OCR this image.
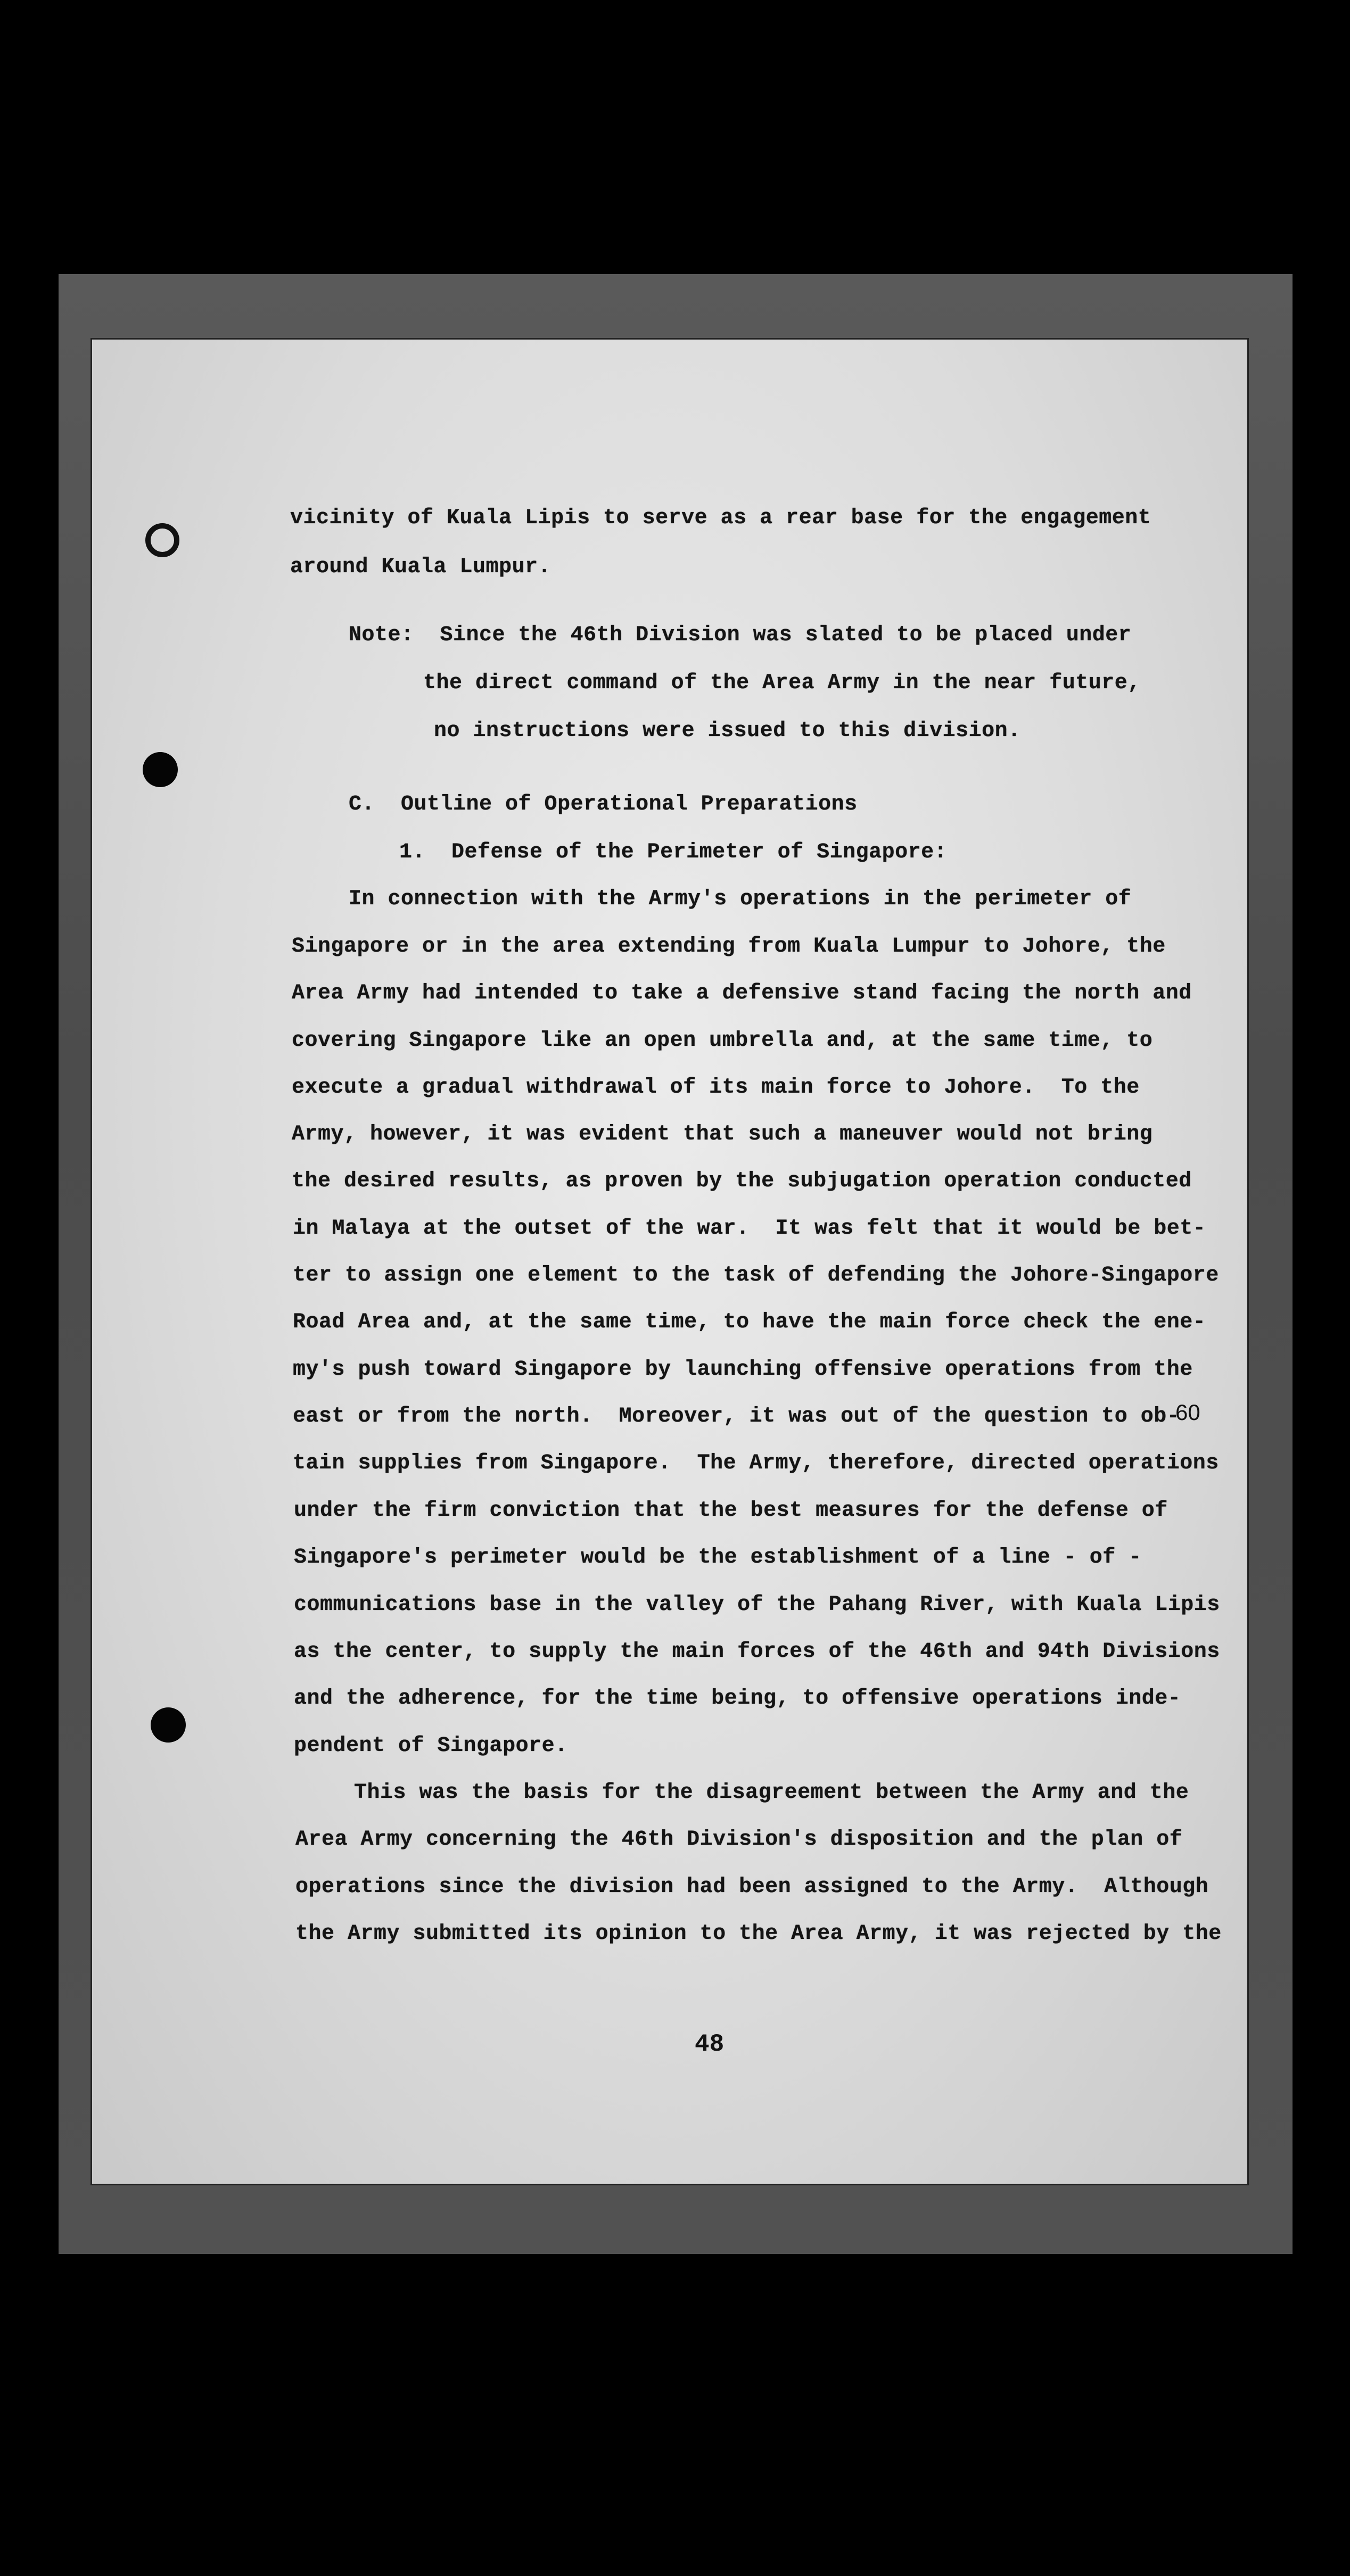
vicinity of Kuala Lipis to serve as a rear base for the engagement
around Kuala Lumpur.
Note:  Since the 46th Division was slated to be placed under
the direct command of the Area Army in the near future,
no instructions were issued to this division.
C.  Outline of Operational Preparations
1.  Defense of the Perimeter of Singapore:
In connection with the Army's operations in the perimeter of
Singapore or in the area extending from Kuala Lumpur to Johore, the
Area Army had intended to take a defensive stand facing the north and
covering Singapore like an open umbrella and, at the same time, to
execute a gradual withdrawal of its main force to Johore.  To the
Army, however, it was evident that such a maneuver would not bring
the desired results, as proven by the subjugation operation conducted
in Malaya at the outset of the war.  It was felt that it would be bet-
ter to assign one element to the task of defending the Johore-Singapore
Road Area and, at the same time, to have the main force check the ene-
my's push toward Singapore by launching offensive operations from the
east or from the north.  Moreover, it was out of the question to ob-
tain supplies from Singapore.  The Army, therefore, directed operations
under the firm conviction that the best measures for the defense of
Singapore's perimeter would be the establishment of a line - of -
communications base in the valley of the Pahang River, with Kuala Lipis
as the center, to supply the main forces of the 46th and 94th Divisions
and the adherence, for the time being, to offensive operations inde-
pendent of Singapore.
This was the basis for the disagreement between the Army and the
Area Army concerning the 46th Division's disposition and the plan of
operations since the division had been assigned to the Army.  Although
the Army submitted its opinion to the Area Army, it was rejected by the
60
48
